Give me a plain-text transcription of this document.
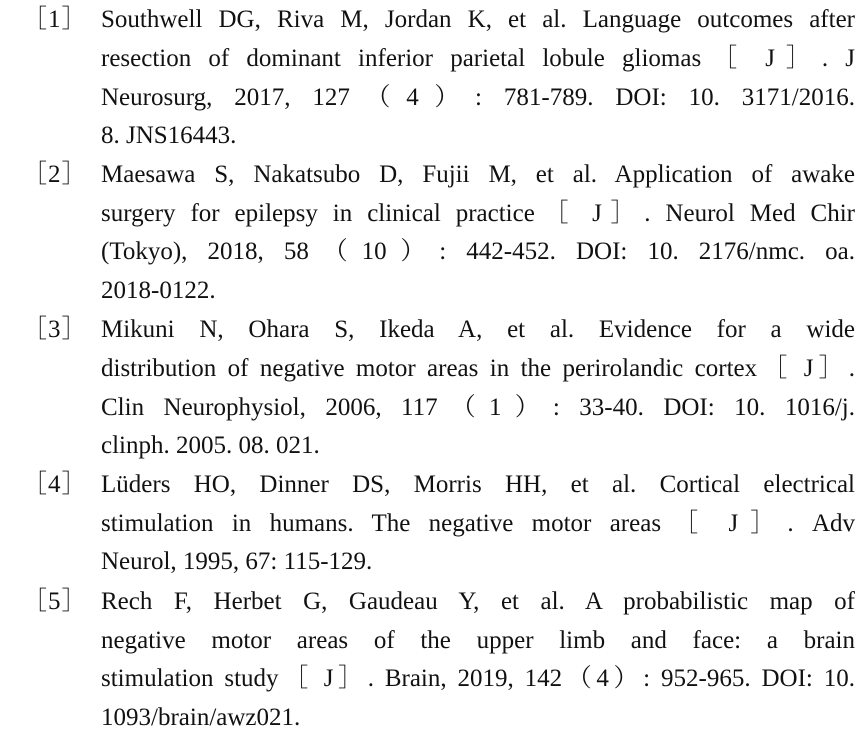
［1］ Southwell DG, Riva M, Jordan K, et al. Language outcomes after
resection of dominant inferior parietal lobule gliomas［ J］. J
Neurosurg, 2017, 127（4）: 781-789. DOI: 10. 3171/2016.
8. JNS16443.
［2］ Maesawa S, Nakatsubo D, Fujii M, et al. Application of awake
surgery for epilepsy in clinical practice［ J］. Neurol Med Chir
(Tokyo), 2018, 58（10）: 442-452. DOI: 10. 2176/nmc. oa.
2018-0122.
［3］ Mikuni N, Ohara S, Ikeda A, et al. Evidence for a wide
distribution of negative motor areas in the perirolandic cortex［ J］.
Clin Neurophysiol, 2006, 117（1）: 33-40. DOI: 10. 1016/j.
clinph. 2005. 08. 021.
［4］ Lüders HO, Dinner DS, Morris HH, et al. Cortical electrical
stimulation in humans. The negative motor areas［ J］. Adv
Neurol, 1995, 67: 115-129.
［5］ Rech F, Herbet G, Gaudeau Y, et al. A probabilistic map of
negative motor areas of the upper limb and face: a brain
stimulation study［ J］. Brain, 2019, 142（4）: 952-965. DOI: 10.
1093/brain/awz021.
